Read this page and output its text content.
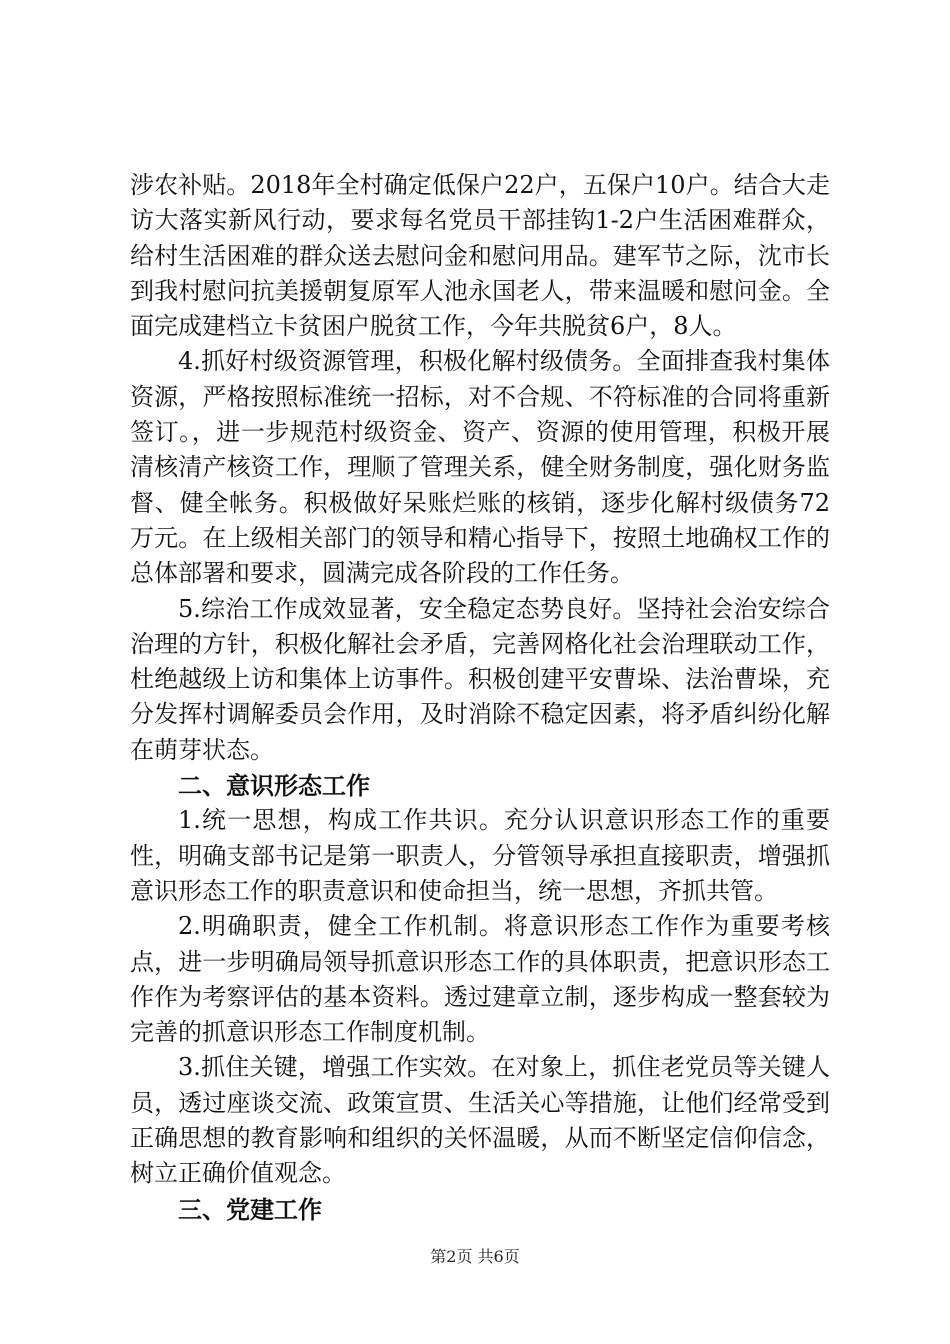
涉农补贴。2018年全村确定低保户22户，五保户10户。结合大走访大落实新风行动，要求每名党员干部挂钩1-2户生活困难群众，给村生活困难的群众送去慰问金和慰问用品。建军节之际，沈市长到我村慰问抗美援朝复原军人池永国老人，带来温暖和慰问金。全面完成建档立卡贫困户脱贫工作，今年共脱贫6户，8人。

4.抓好村级资源管理，积极化解村级债务。全面排查我村集体资源，严格按照标准统一招标，对不合规、不符标准的合同将重新签订。，进一步规范村级资金、资产、资源的使用管理，积极开展清核清产核资工作，理顺了管理关系，健全财务制度，强化财务监督、健全帐务。积极做好呆账烂账的核销，逐步化解村级债务72万元。在上级相关部门的领导和精心指导下，按照土地确权工作的总体部署和要求，圆满完成各阶段的工作任务。

5.综治工作成效显著，安全稳定态势良好。坚持社会治安综合治理的方针，积极化解社会矛盾，完善网格化社会治理联动工作，杜绝越级上访和集体上访事件。积极创建平安曹垛、法治曹垛，充分发挥村调解委员会作用，及时消除不稳定因素，将矛盾纠纷化解在萌芽状态。

二、意识形态工作

1.统一思想，构成工作共识。充分认识意识形态工作的重要性，明确支部书记是第一职责人，分管领导承担直接职责，增强抓意识形态工作的职责意识和使命担当，统一思想，齐抓共管。

2.明确职责，健全工作机制。将意识形态工作作为重要考核点，进一步明确局领导抓意识形态工作的具体职责，把意识形态工作作为考察评估的基本资料。透过建章立制，逐步构成一整套较为完善的抓意识形态工作制度机制。

3.抓住关键，增强工作实效。在对象上，抓住老党员等关键人员，透过座谈交流、政策宣贯、生活关心等措施，让他们经常受到正确思想的教育影响和组织的关怀温暖，从而不断坚定信仰信念，树立正确价值观念。

三、党建工作

第2页 共6页
